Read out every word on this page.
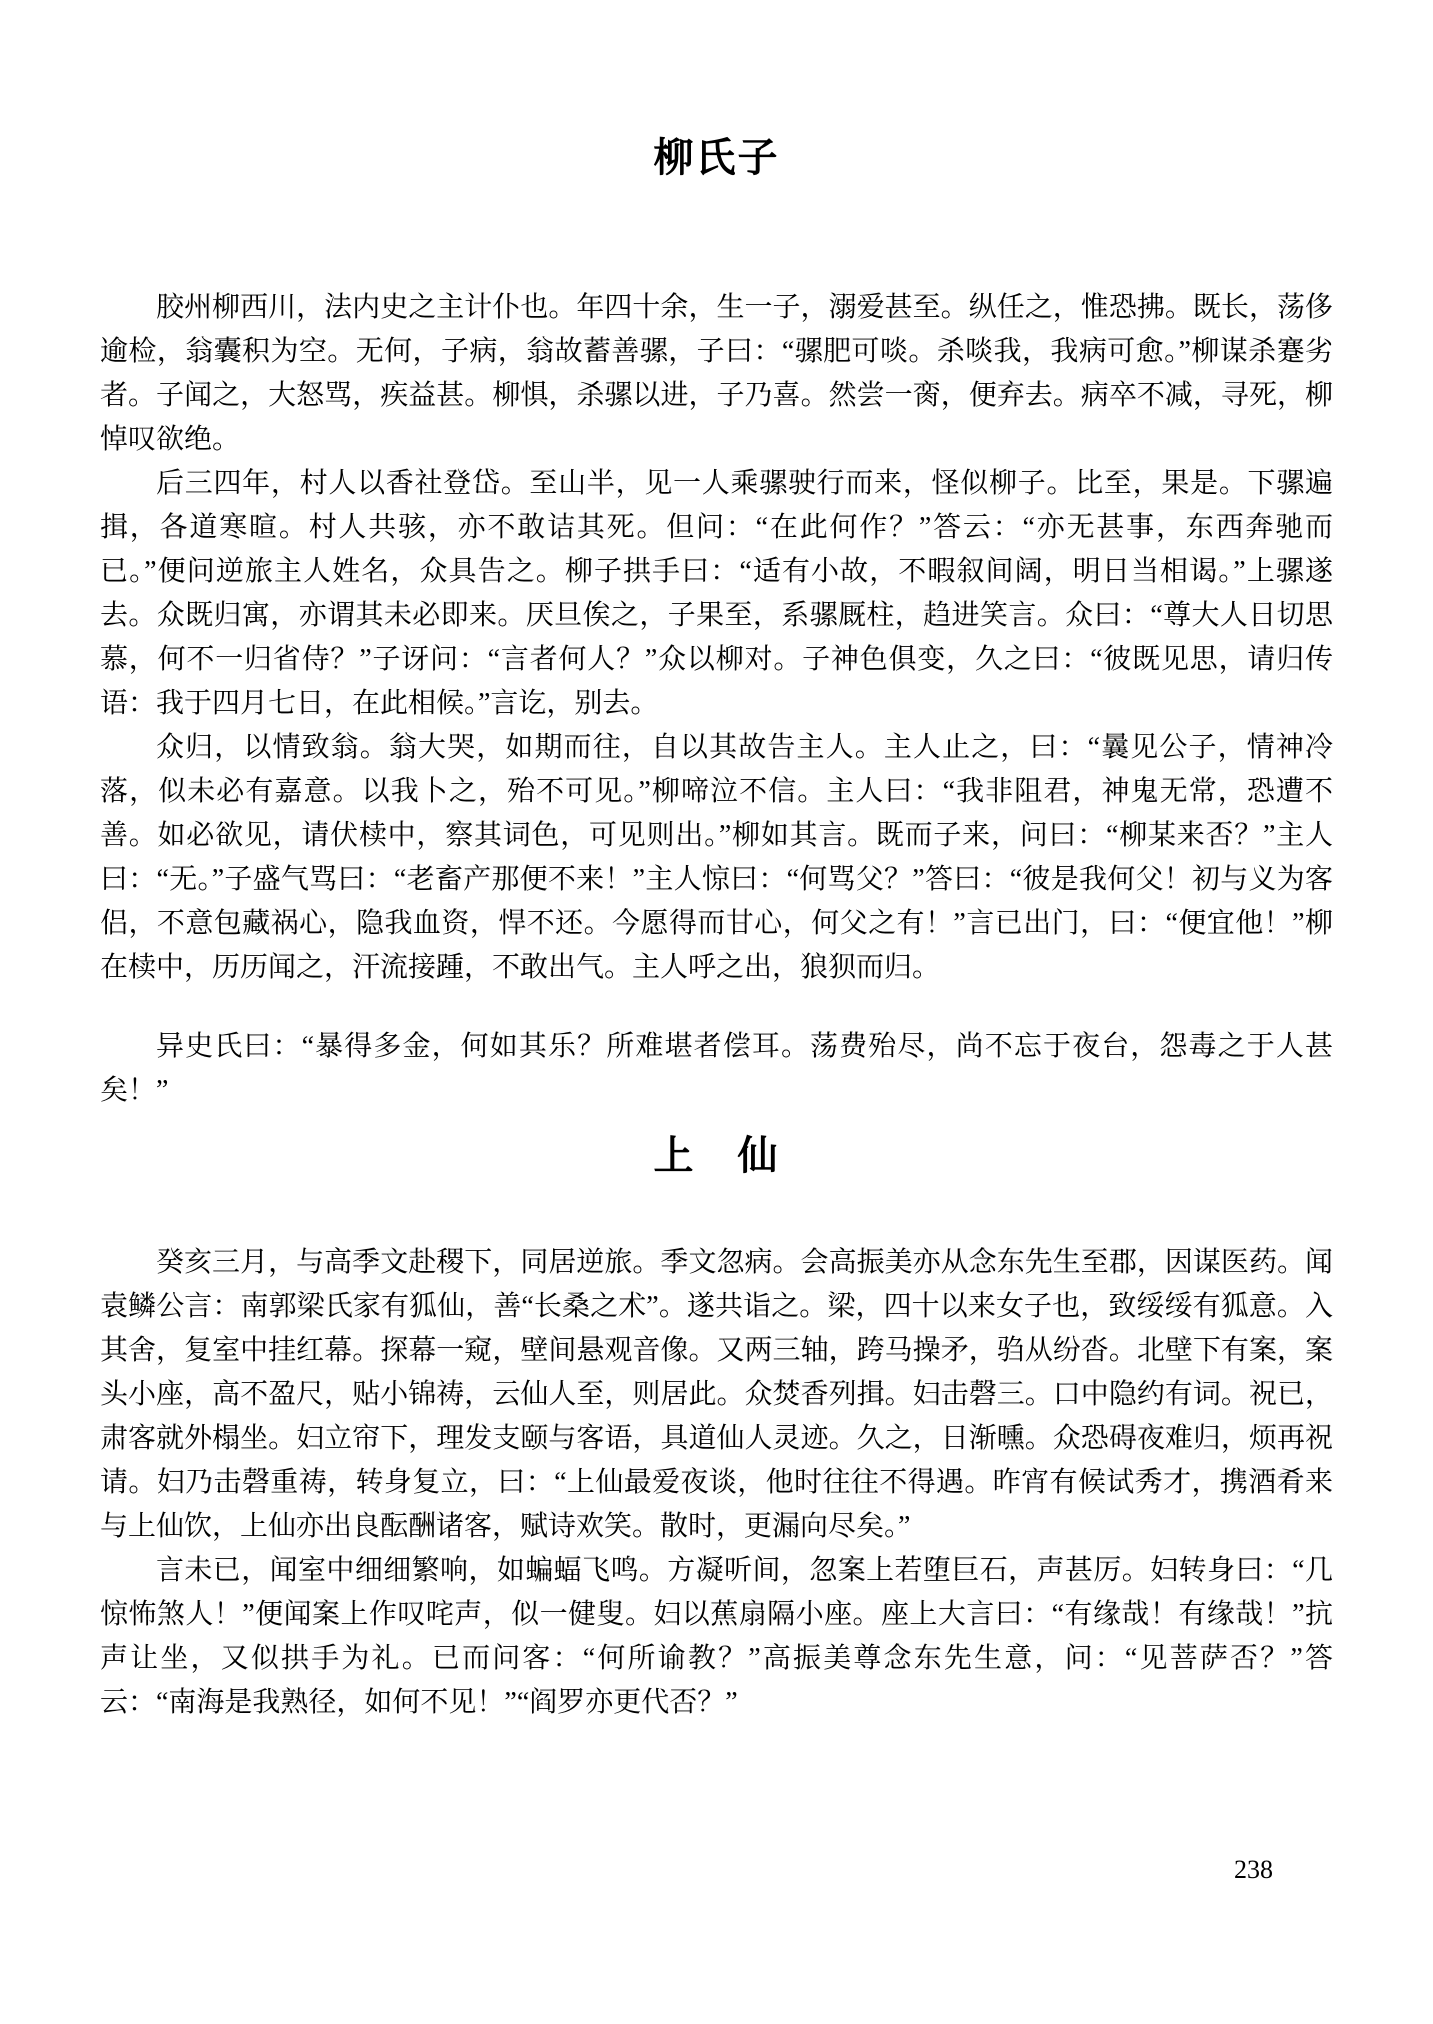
柳氏子

胶州柳西川，法内史之主计仆也。年四十余，生一子，溺爱甚至。纵任之，惟恐拂。既长，荡侈逾检，翁囊积为空。无何，子病，翁故蓄善骡，子曰：“骡肥可啖。杀啖我，我病可愈。”柳谋杀蹇劣者。子闻之，大怒骂，疾益甚。柳惧，杀骡以进，子乃喜。然尝一脔，便弃去。病卒不减，寻死，柳悼叹欲绝。

后三四年，村人以香社登岱。至山半，见一人乘骡驶行而来，怪似柳子。比至，果是。下骡遍揖，各道寒暄。村人共骇，亦不敢诘其死。但问：“在此何作？”答云：“亦无甚事，东西奔驰而已。”便问逆旅主人姓名，众具告之。柳子拱手曰：“适有小故，不暇叙间阔，明日当相谒。”上骡遂去。众既归寓，亦谓其未必即来。厌旦俟之，子果至，系骡厩柱，趋进笑言。众曰：“尊大人日切思慕，何不一归省侍？”子讶问：“言者何人？”众以柳对。子神色俱变，久之曰：“彼既见思，请归传语：我于四月七日，在此相候。”言讫，别去。

众归，以情致翁。翁大哭，如期而往，自以其故告主人。主人止之，曰：“曩见公子，情神冷落，似未必有嘉意。以我卜之，殆不可见。”柳啼泣不信。主人曰：“我非阻君，神鬼无常，恐遭不善。如必欲见，请伏椟中，察其词色，可见则出。”柳如其言。既而子来，问曰：“柳某来否？”主人曰：“无。”子盛气骂曰：“老畜产那便不来！”主人惊曰：“何骂父？”答曰：“彼是我何父！初与义为客侣，不意包藏祸心，隐我血资，悍不还。今愿得而甘心，何父之有！”言已出门，曰：“便宜他！”柳在椟中，历历闻之，汗流接踵，不敢出气。主人呼之出，狼狈而归。

异史氏曰：“暴得多金，何如其乐？所难堪者偿耳。荡费殆尽，尚不忘于夜台，怨毒之于人甚矣！”

上　仙

癸亥三月，与高季文赴稷下，同居逆旅。季文忽病。会高振美亦从念东先生至郡，因谋医药。闻袁鳞公言：南郭梁氏家有狐仙，善“长桑之术”。遂共诣之。梁，四十以来女子也，致绥绥有狐意。入其舍，复室中挂红幕。探幕一窥，壁间悬观音像。又两三轴，跨马操矛，驺从纷沓。北壁下有案，案头小座，高不盈尺，贴小锦祷，云仙人至，则居此。众焚香列揖。妇击磬三。口中隐约有词。祝已，肃客就外榻坐。妇立帘下，理发支颐与客语，具道仙人灵迹。久之，日渐曛。众恐碍夜难归，烦再祝请。妇乃击磬重祷，转身复立，曰：“上仙最爱夜谈，他时往往不得遇。昨宵有候试秀才，携酒肴来与上仙饮，上仙亦出良酝酬诸客，赋诗欢笑。散时，更漏向尽矣。”

言未已，闻室中细细繁响，如蝙蝠飞鸣。方凝听间，忽案上若堕巨石，声甚厉。妇转身曰：“几惊怖煞人！”便闻案上作叹咤声，似一健叟。妇以蕉扇隔小座。座上大言曰：“有缘哉！有缘哉！”抗声让坐，又似拱手为礼。已而问客：“何所谕教？”高振美尊念东先生意，问：“见菩萨否？”答云：“南海是我熟径，如何不见！”“阎罗亦更代否？”

238
